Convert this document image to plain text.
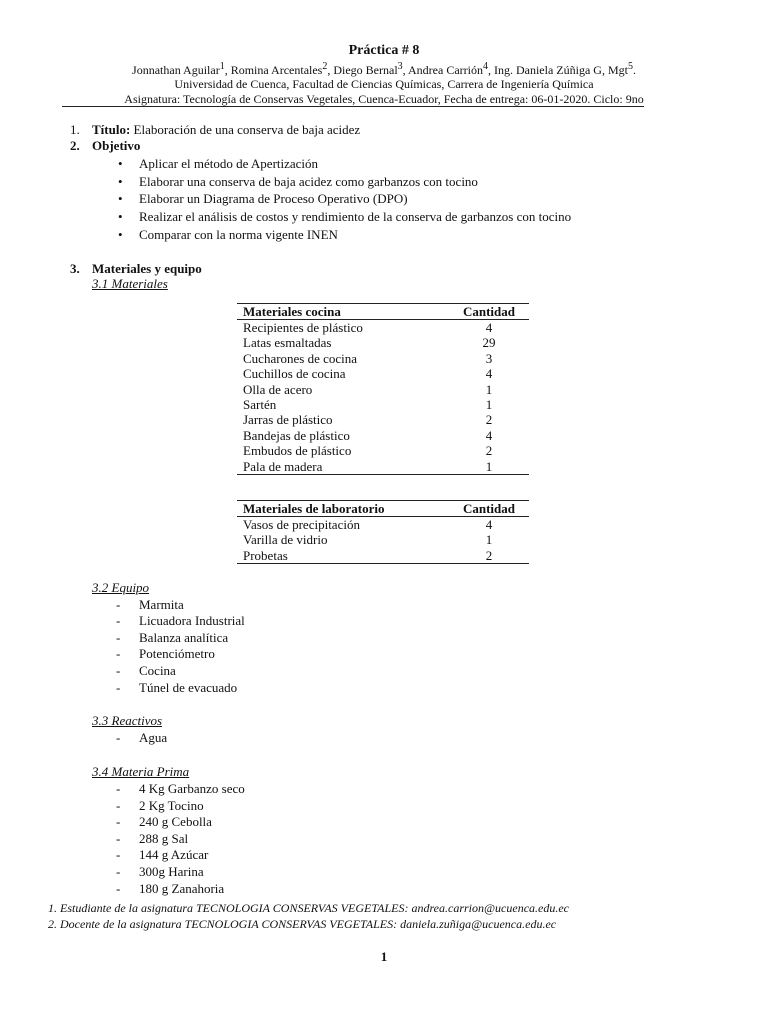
Práctica # 8
Jonnathan Aguilar$^1$, Romina Arcentales$^2$, Diego Bernal$^3$, Andrea Carrión$^4$, Ing. Daniela Zúñiga G, Mgt$^5$.
Universidad de Cuenca, Facultad de Ciencias Químicas, Carrera de Ingeniería Química
Asignatura: Tecnología de Conservas Vegetales, Cuenca-Ecuador, Fecha de entrega: 06-01-2020. Ciclo: 9no
1. Título: Elaboración de una conserva de baja acidez
2. Objetivo
• Aplicar el método de Apertización
• Elaborar una conserva de baja acidez como garbanzos con tocino
• Elaborar un Diagrama de Proceso Operativo (DPO)
• Realizar el análisis de costos y rendimiento de la conserva de garbanzos con tocino
• Comparar con la norma vigente INEN
3. Materiales y equipo
3.1 Materiales
Materiales cocina	Cantidad
Recipientes de plástico	4
Latas esmaltadas	29
Cucharones de cocina	3
Cuchillos de cocina	4
Olla de acero	1
Sartén	1
Jarras de plástico	2
Bandejas de plástico	4
Embudos de plástico	2
Pala de madera	1
Materiales de laboratorio	Cantidad
Vasos de precipitación	4
Varilla de vidrio	1
Probetas	2
3.2 Equipo
- Marmita
- Licuadora Industrial
- Balanza analítica
- Potenciómetro
- Cocina
- Túnel de evacuado
3.3 Reactivos
- Agua
3.4 Materia Prima
- 4 Kg Garbanzo seco
- 2 Kg Tocino
- 240 g Cebolla
- 288 g Sal
- 144 g Azúcar
- 300g Harina
- 180 g Zanahoria
1. Estudiante de la asignatura TECNOLOGIA CONSERVAS VEGETALES: andrea.carrion@ucuenca.edu.ec
2. Docente de la asignatura TECNOLOGIA CONSERVAS VEGETALES: daniela.zuñiga@ucuenca.edu.ec
1
